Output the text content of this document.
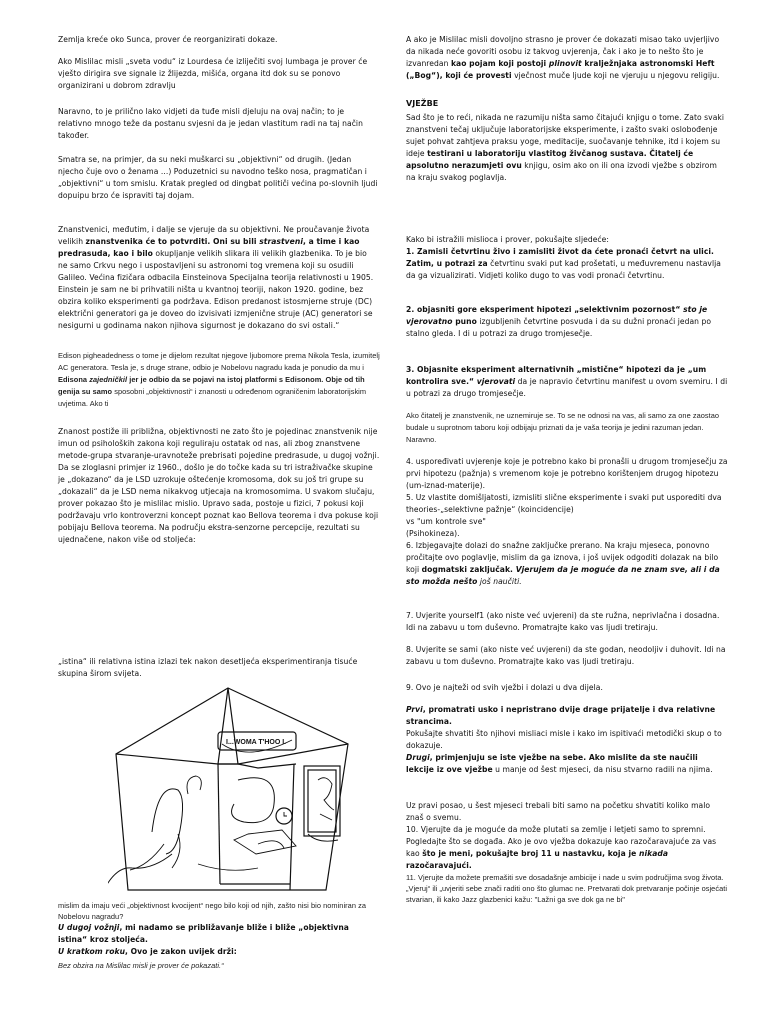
Zemlja kreće oko Sunca, prover će reorganizirati dokaze.
Ako Mislilac misli „sveta vodu“ iz Lourdesa će izliječiti svoj lumbaga je prover će vješto dirigira sve signale iz žlijezda, mišića, organa itd dok su se ponovo organizirani u dobrom zdravlju
Naravno, to je prilično lako vidjeti da tuđe misli djeluju na ovaj način; to je relativno mnogo teže da postanu svjesni da je jedan vlastitum radi na taj način također.
Smatra se, na primjer, da su neki muškarci su „objektivni“ od drugih. (Jedan njecho čuje ovo o ženama ...) Poduzetnici su navodno teško nosa, pragmatičan i „objektivni“ u tom smislu. Kratak pregled od dingbat političi većina po-slovnih ljudi dopuipu brzo će ispraviti taj dojam.
Znanstvenici, međutim, i dalje se vjeruje da su objektivni. Ne proučavanje života velikih znanstvenika će to potvrditi. Oni su bili strastveni, a time i kao predrasuda, kao i bilo okupljanje velikih slikara ili velikih glazbenika. To je bio ne samo Crkvu nego i uspostavljeni su astronomi tog vremena koji su osudili Galileo. Većina fizičara odbacila Einsteinova Specijalna teorija relativnosti u 1905. Einstein je sam ne bi prihvatili ništa u kvantnoj teoriji, nakon 1920. godine, bez obzira koliko eksperimenti ga podržava. Edison predanost istosmjerne struje (DC) električni generatori ga je doveo do izvisivati izmjenične struje (AC) generatori se nesigurni u godinama nakon njihova sigurnost je dokazano do svi ostali.“
Edison pigheadedness o tome je dijelom rezultat njegove ljubomore prema Nikola Tesla, izumitelj AC generatora. Tesla je, s druge strane, odbio je Nobelovu nagradu kada je ponudio da mu i Edisona zajedničkil jer je odbio da se pojavi na istoj platformi s Edisonom. Obje od tih genija su samo sposobni „objektivnosti“ i znanosti u određenom ograničenim laboratorijskim uvjetima. Ako ti
Znanost postiže ili približna, objektivnosti ne zato što je pojedinac znanstvenik nije imun od psiholoških zakona koji reguliraju ostatak od nas, ali zbog znanstvene metode-grupa stvaranje-uravnoteže prebrisati pojedine predrasude, u dugoj vožnji. Da se zloglasni primjer iz 1960., došlo je do točke kada su tri istraživačke skupine je „dokazano“ da je LSD uzrokuje oštećenje kromosoma, dok su još tri grupe su „dokazali“ da je LSD nema nikakvog utjecaja na kromosomima. U svakom slučaju, prover pokazao što je mislilac mislio. Upravo sada, postoje u fizici, 7 pokusi koji podržavaju vrlo kontroverzni koncept poznat kao Bellova teorema i dva pokuse koji pobijaju Bellova teorema. Na području ekstra-senzorne percepcije, rezultati su ujednačene, nakon više od stoljeća:
„istina“ ili relativna istina izlazi tek nakon desetljeća eksperimentiranja tisuće skupina širom svijeta.
I...WOMA T'HOO I.
mislim da imaju veći „objektivnost kvocijent“ nego bilo koji od njih, zašto nisi bio nominiran za Nobelovu nagradu?
U dugoj vožnji, mi nadamo se približavanje bliže i bliže „objektivna istina“ kroz stoljeća.
U kratkom roku, Ovo je zakon uvijek drži:
Bez obzira na Mislilac misli je prover će pokazati.“
A ako je Mislilac misli dovoljno strasno je prover će dokazati misao tako uvjerljivo da nikada neće govoriti osobu iz takvog uvjerenja, čak i ako je to nešto što je izvanredan kao pojam koji postoji plinovit kralježnjaka astronomski Heft („Bog“), koji će provesti vječnost muče ljude koji ne vjeruju u njegovu religiju.
VJEŽBE
Sad što je to reći, nikada ne razumiju ništa samo čitajući knjigu o tome. Zato svaki znanstveni tečaj uključuje laboratorijske eksperimente, i zašto svaki oslobođenje sujet pohvat zahtjeva praksu yoge, meditacije, suočavanje tehnike, itd i kojem su ideje testirani u laboratoriju vlastitog živčanog sustava. Čitatelj će apsolutno nerazumjeti ovu knjigu, osim ako on ili ona izvodi vježbe s obzirom na kraju svakog poglavlja.
Kako bi istražili mislioca i prover, pokušajte sljedeće:
1. Zamisli četvrtinu živo i zamisliti život da ćete pronaći četvrt na ulici. Zatim, u potrazi za četvrtinu svaki put kad prošetati, u međuvremenu nastavlja da ga vizualizirati. Vidjeti koliko dugo to vas vodi pronaći četvrtinu.
2. objasniti gore eksperiment hipotezi „selektivnim pozornost“ sto je vjerovatno puno izgubljenih četvrtine posvuda i da su dužni pronaći jedan po stalno gleda. I di u potrazi za drugo tromjesečje.
3. Objasnite eksperiment alternativnih „mistične“ hipotezi da je „um kontrolira sve.“ vjerovati da je napravio četvrtinu manifest u ovom svemiru. I di u potrazi za drugo tromjesečje.
Ako čitatelj je znanstvenik, ne uznemiruje se. To se ne odnosi na vas, ali samo za one zaostao budale u suprotnom taboru koji odbijaju priznati da je vaša teorija je jedini razuman jedan. Naravno.
4. uspoređivati uvjerenje koje je potrebno kako bi pronašli u drugom tromjesečju za prvi hipotezu (pažnja) s vremenom koje je potrebno korištenjem drugog hipotezu (um-iznad-materije).
5. Uz vlastite domišljatosti, izmisliti slične eksperimente i svaki put usporediti dva theories-„selektivne pažnje“ (koincidencije)
vs "um kontrole sve"
(Psihokineza).
6. Izbjegavajte dolazi do snažne zaključke prerano. Na kraju mjeseca, ponovno pročitajte ovo poglavlje, mislim da ga iznova, i još uvijek odgoditi dolazak na bilo koji dogmatski zaključak. Vjerujem da je moguće da ne znam sve, ali i da sto možda nešto još naučiti.
7. Uvjerite yourself1 (ako niste već uvjereni) da ste ružna, nepriv​lačna i dosadna. Idi na zabavu u tom duševno. Promatrajte kako vas ljudi tretiraju.
8. Uvjerite se sami (ako niste već uvjereni) da ste godan, neodoljiv i duhovit. Idi na zabavu u tom duševno. Promatrajte kako vas ljudi tretiraju.
9. Ovo je najteži od svih vježbi i dolazi u dva dijela.
Prvi, promatrati usko i nepristrano dvije drage prijatelje i dva relativne strancima.
Pokušajte shvatiti što njihovi misliaci misle i kako im ispitivaći metodički skup o to dokazuje.
Drugi, primjenjuju se iste vježbe na sebe. Ako mislite da ste naučili lekcije iz ove vježbe u manje od šest mjeseci, da nisu stvarno radili na njima.
Uz pravi posao, u šest mjeseci trebali biti samo na početku shvatiti koliko malo znaš o svemu.
10. Vjerujte da je moguće da može plutati sa zemlje i letjeti samo to spremni. Pogledajte što se događa. Ako je ovo vježba dokazuje kao razočaravajuće za vas kao što je meni, pokušajte broj 11 u nastavku, koja je nikada razočaravajući.
11. Vjerujte da možete premašiti sve dosadašnje ambicije i nade u svim područjima svog života. „Vjeruj“ ili „uvjeriti sebe znači raditi ono što glumac ne. Pretvarati dok pretvaranje počinje osjećati stvarian, ili kako Jazz glazbenici kažu: "Lažni ga sve dok ga ne bi"
